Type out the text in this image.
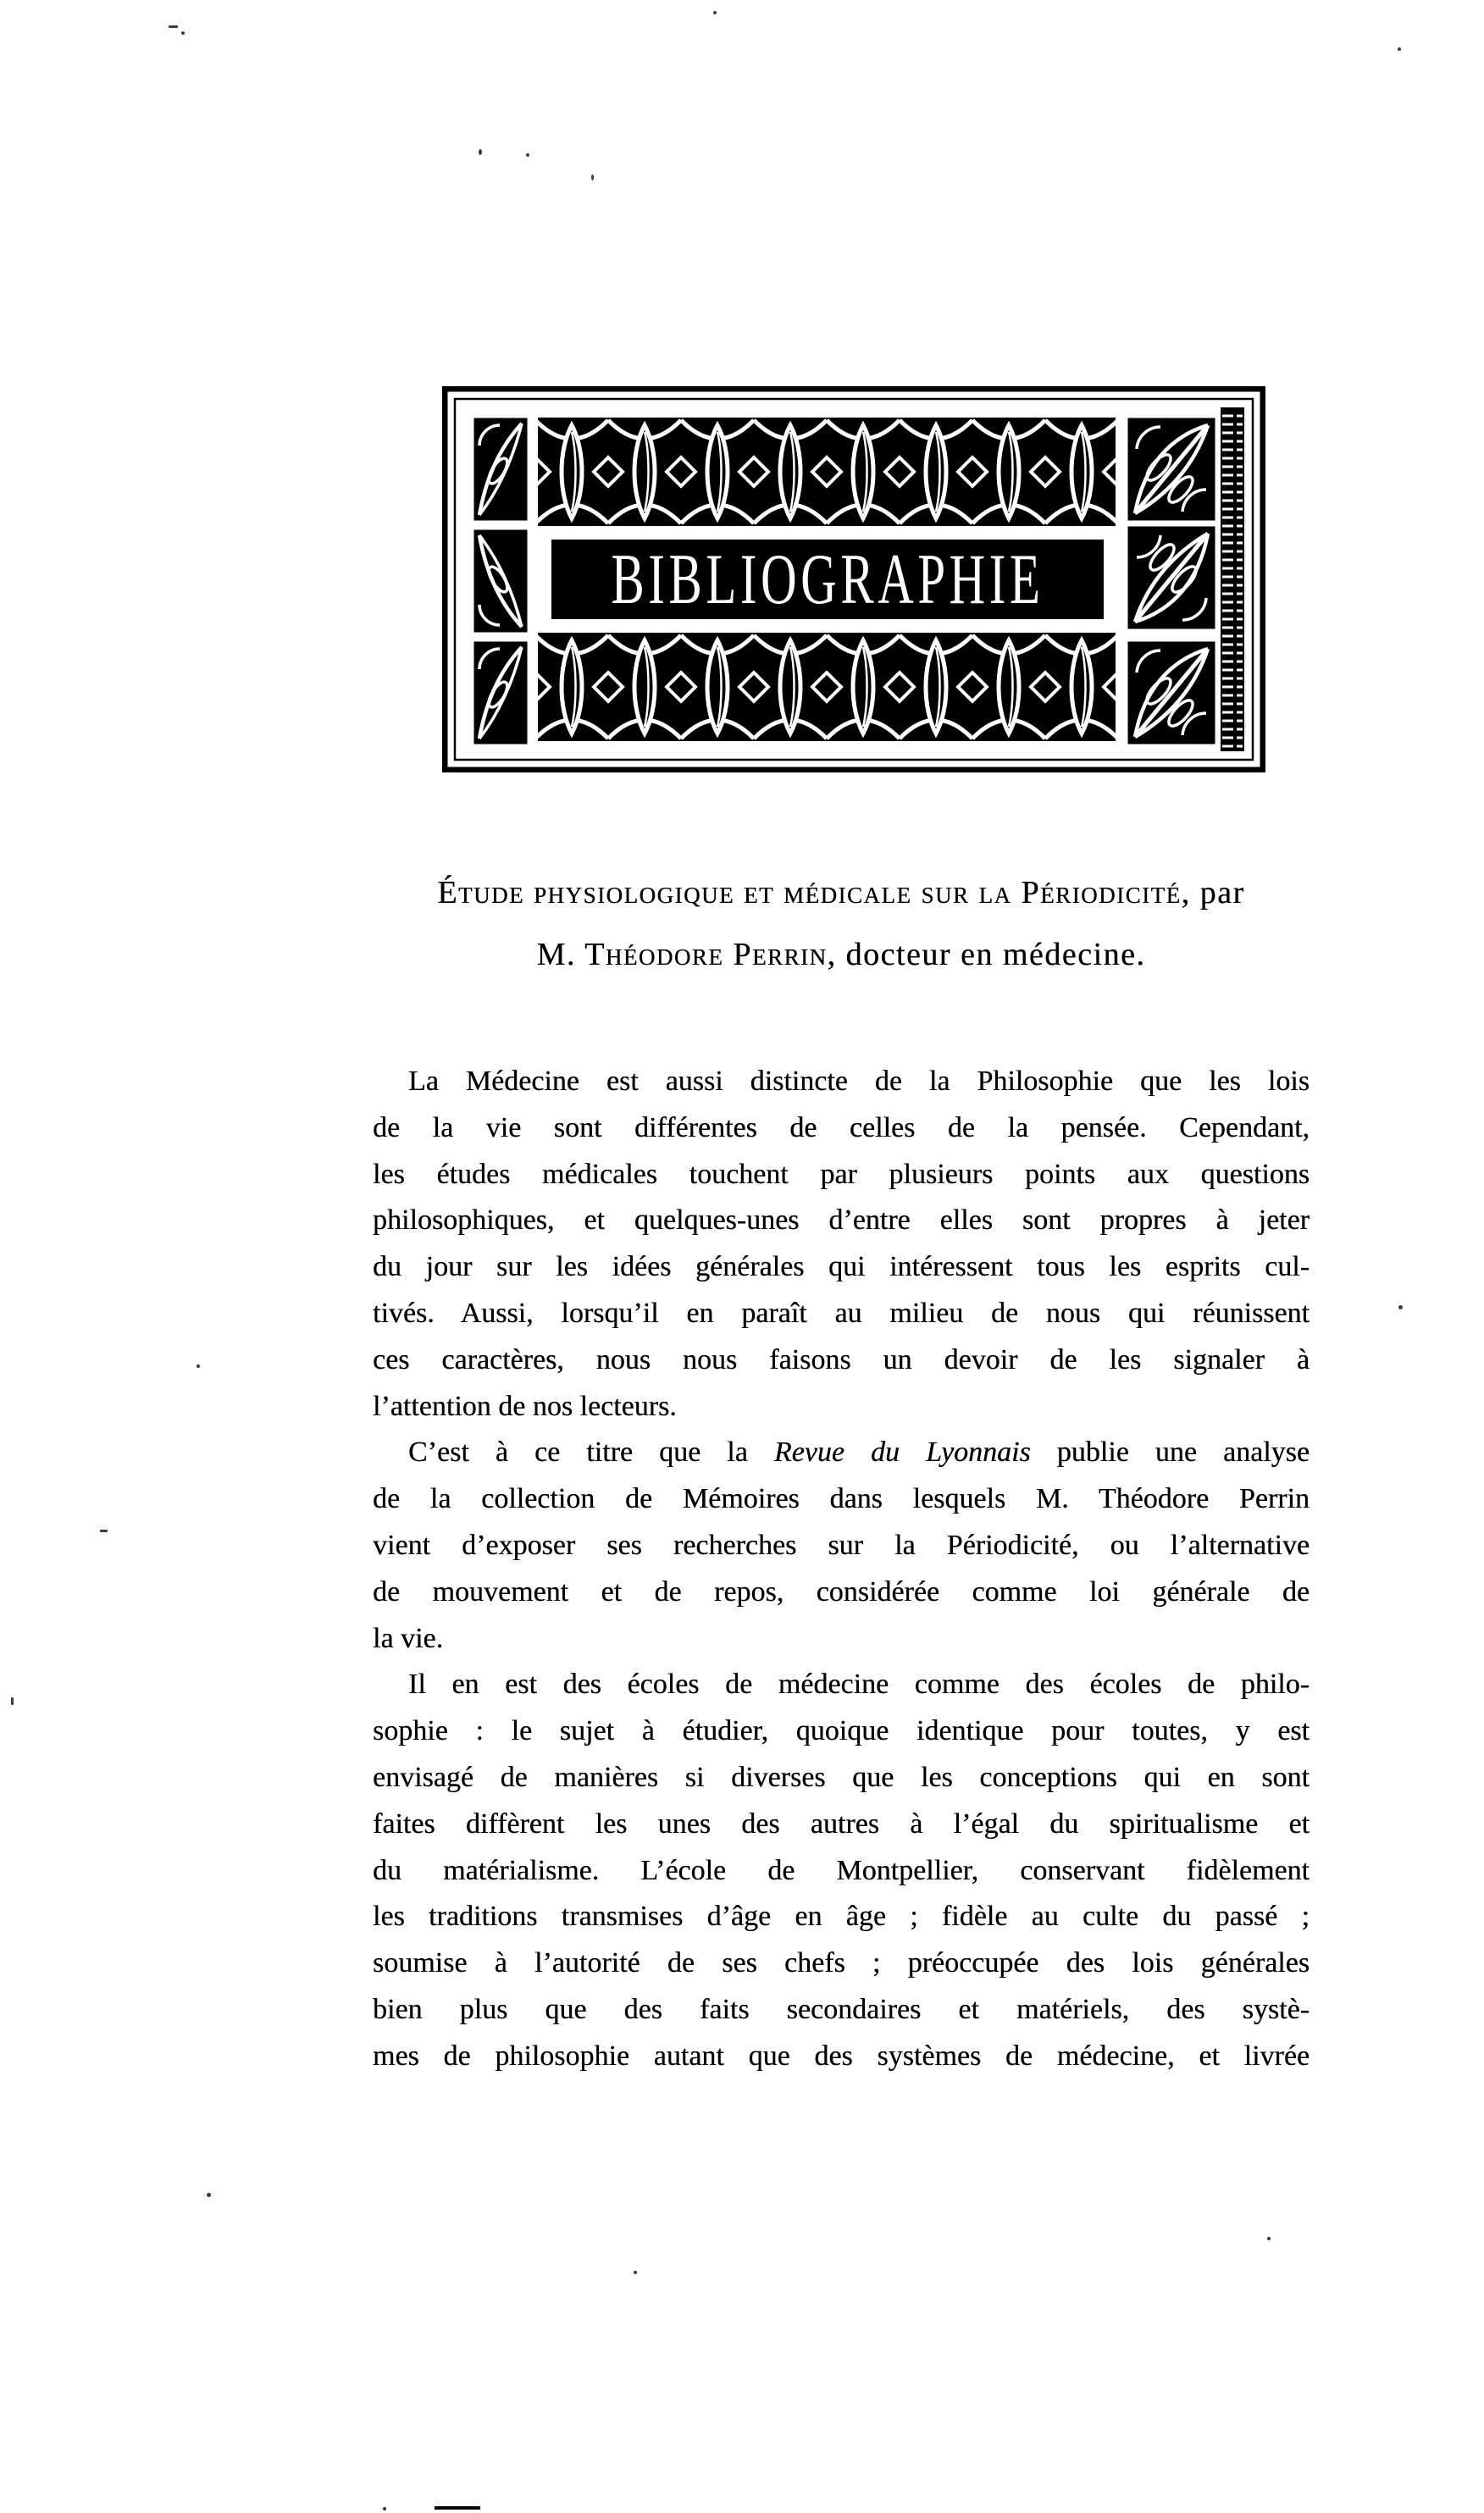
BIBLIOGRAPHIE
Étude physiologique et médicale sur la Périodicité, par
M. Théodore Perrin, docteur en médecine.
La Médecine est aussi distincte de la Philosophie que les lois
de la vie sont différentes de celles de la pensée. Cependant,
les études médicales touchent par plusieurs points aux questions
philosophiques, et quelques-unes d’entre elles sont propres à jeter
du jour sur les idées générales qui intéressent tous les esprits cul-
tivés. Aussi, lorsqu’il en paraît au milieu de nous qui réunissent
ces caractères, nous nous faisons un devoir de les signaler à
l’attention de nos lecteurs.
C’est à ce titre que la Revue du Lyonnais publie une analyse
de la collection de Mémoires dans lesquels M. Théodore Perrin
vient d’exposer ses recherches sur la Périodicité, ou l’alternative
de mouvement et de repos, considérée comme loi générale de
la vie.
Il en est des écoles de médecine comme des écoles de philo-
sophie : le sujet à étudier, quoique identique pour toutes, y est
envisagé de manières si diverses que les conceptions qui en sont
faites diffèrent les unes des autres à l’égal du spiritualisme et
du matérialisme. L’école de Montpellier, conservant fidèlement
les traditions transmises d’âge en âge ; fidèle au culte du passé ;
soumise à l’autorité de ses chefs ; préoccupée des lois générales
bien plus que des faits secondaires et matériels, des systè-
mes de philosophie autant que des systèmes de médecine, et livrée
